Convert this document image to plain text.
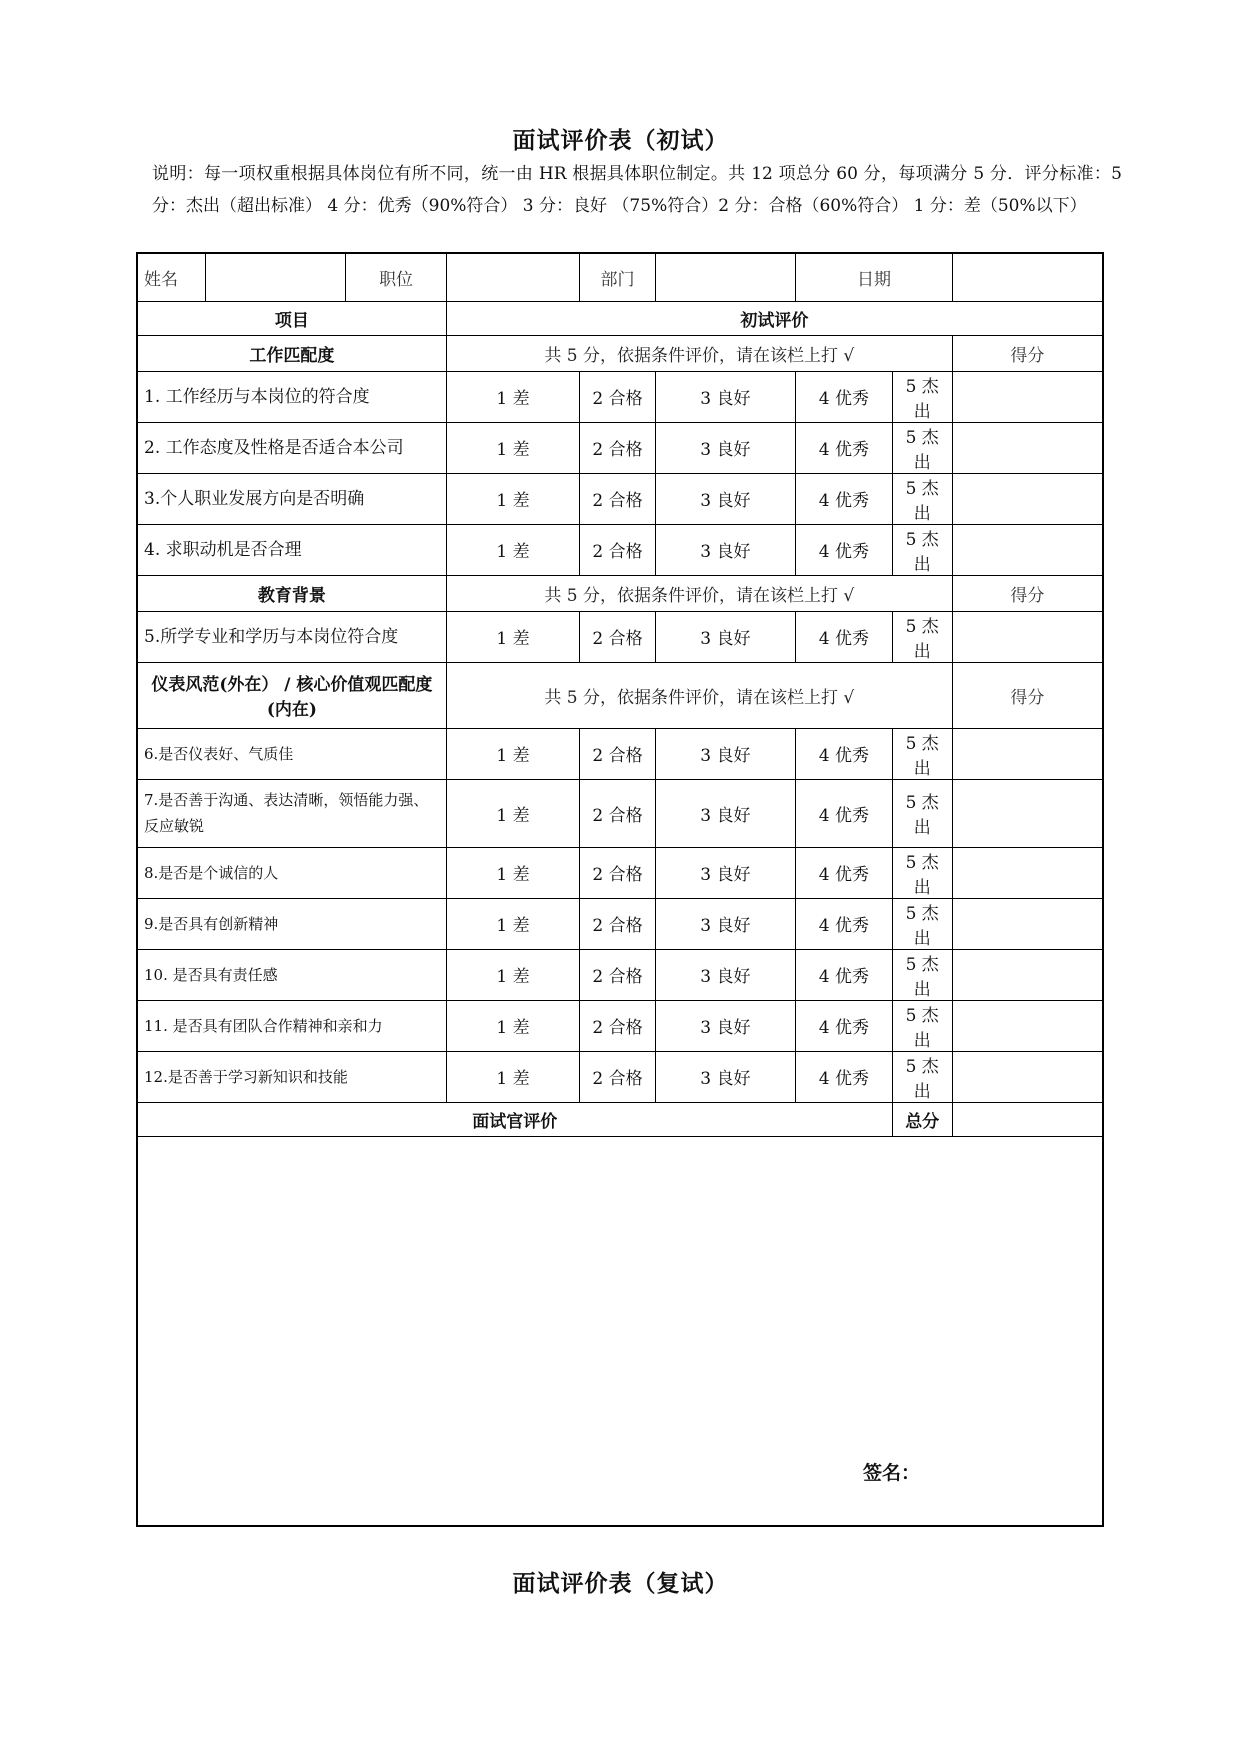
面试评价表（初试）
说明：每一项权重根据具体岗位有所不同，统一由 HR 根据具体职位制定。共 12 项总分 60 分，每项满分 5 分．评分标准：5 分：杰出（超出标准） 4 分：优秀（90%符合） 3 分：良好 （75%符合）2 分：合格（60%符合） 1 分：差（50%以下）
姓名		职位		部门		日期		
项目			初试评价					
工作匹配度			共 5 分，依据条件评价，请在该栏上打 √					得分
1. 工作经历与本岗位的符合度			1 差	2 合格	3 良好	4 优秀	5 杰出	
2. 工作态度及性格是否适合本公司			1 差	2 合格	3 良好	4 优秀	5 杰出	
3.个人职业发展方向是否明确			1 差	2 合格	3 良好	4 优秀	5 杰出	
4. 求职动机是否合理			1 差	2 合格	3 良好	4 优秀	5 杰出	
教育背景			共 5 分，依据条件评价，请在该栏上打 √					得分
5.所学专业和学历与本岗位符合度			1 差	2 合格	3 良好	4 优秀	5 杰出	
仪表风范(外在） / 核心价值观匹配度(内在)			共 5 分，依据条件评价，请在该栏上打 √					得分
6.是否仪表好、气质佳			1 差	2 合格	3 良好	4 优秀	5 杰出	
7.是否善于沟通、表达清晰，领悟能力强、反应敏锐			1 差	2 合格	3 良好	4 优秀	5 杰出	
8.是否是个诚信的人			1 差	2 合格	3 良好	4 优秀	5 杰出	
9.是否具有创新精神			1 差	2 合格	3 良好	4 优秀	5 杰出	
10. 是否具有责任感			1 差	2 合格	3 良好	4 优秀	5 杰出	
11. 是否具有团队合作精神和亲和力			1 差	2 合格	3 良好	4 优秀	5 杰出	
12.是否善于学习新知识和技能			1 差	2 合格	3 良好	4 优秀	5 杰出	
面试官评价							总分	

签名：								
面试评价表（复试）
